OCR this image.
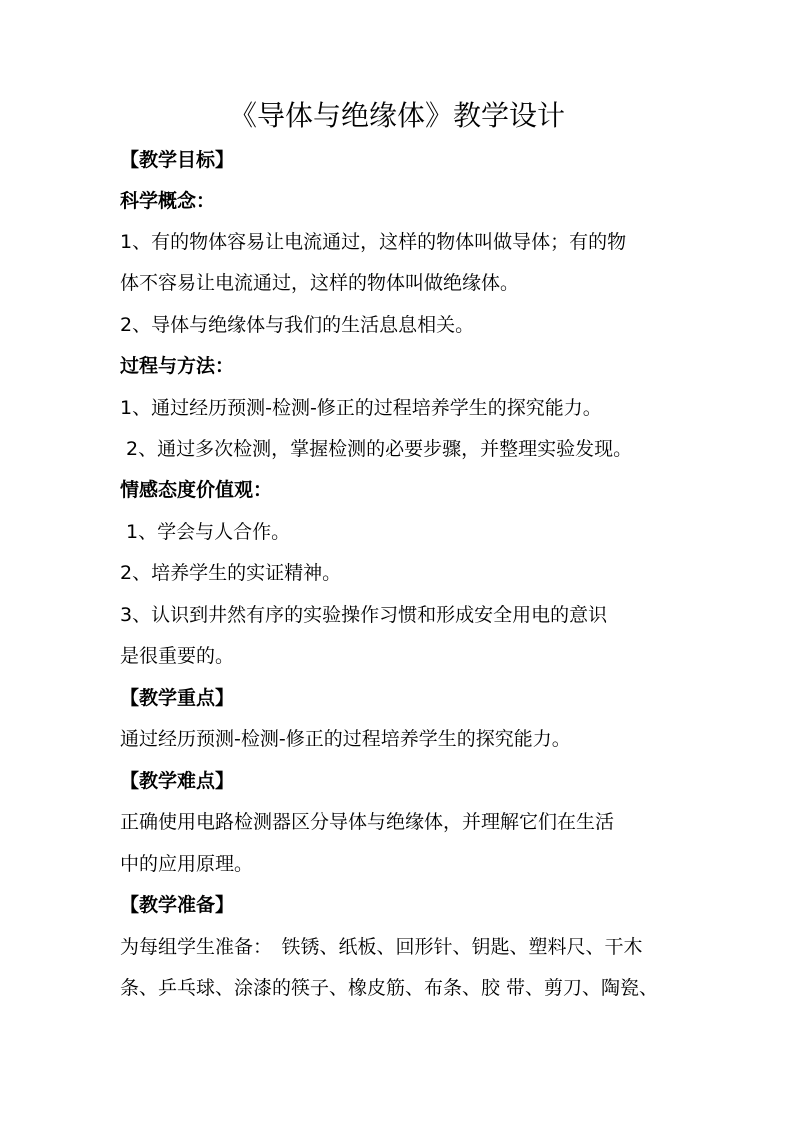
《导体与绝缘体》教学设计
【教学目标】
科学概念：
1、有的物体容易让电流通过，这样的物体叫做导体；有的物
体不容易让电流通过，这样的物体叫做绝缘体。
2、导体与绝缘体与我们的生活息息相关。
过程与方法：
1、通过经历预测-检测-修正的过程培养学生的探究能力。
2、通过多次检测，掌握检测的必要步骤，并整理实验发现。
情感态度价值观：
1、学会与人合作。
2、培养学生的实证精神。
3、认识到井然有序的实验操作习惯和形成安全用电的意识
是很重要的。
【教学重点】
通过经历预测-检测-修正的过程培养学生的探究能力。
【教学难点】
正确使用电路检测器区分导体与绝缘体，并理解它们在生活
中的应用原理。
【教学准备】
为每组学生准备：　铁锈、纸板、回形针、钥匙、塑料尺、干木
条、乒乓球、涂漆的筷子、橡皮筋、布条、胶 带、剪刀、陶瓷、
